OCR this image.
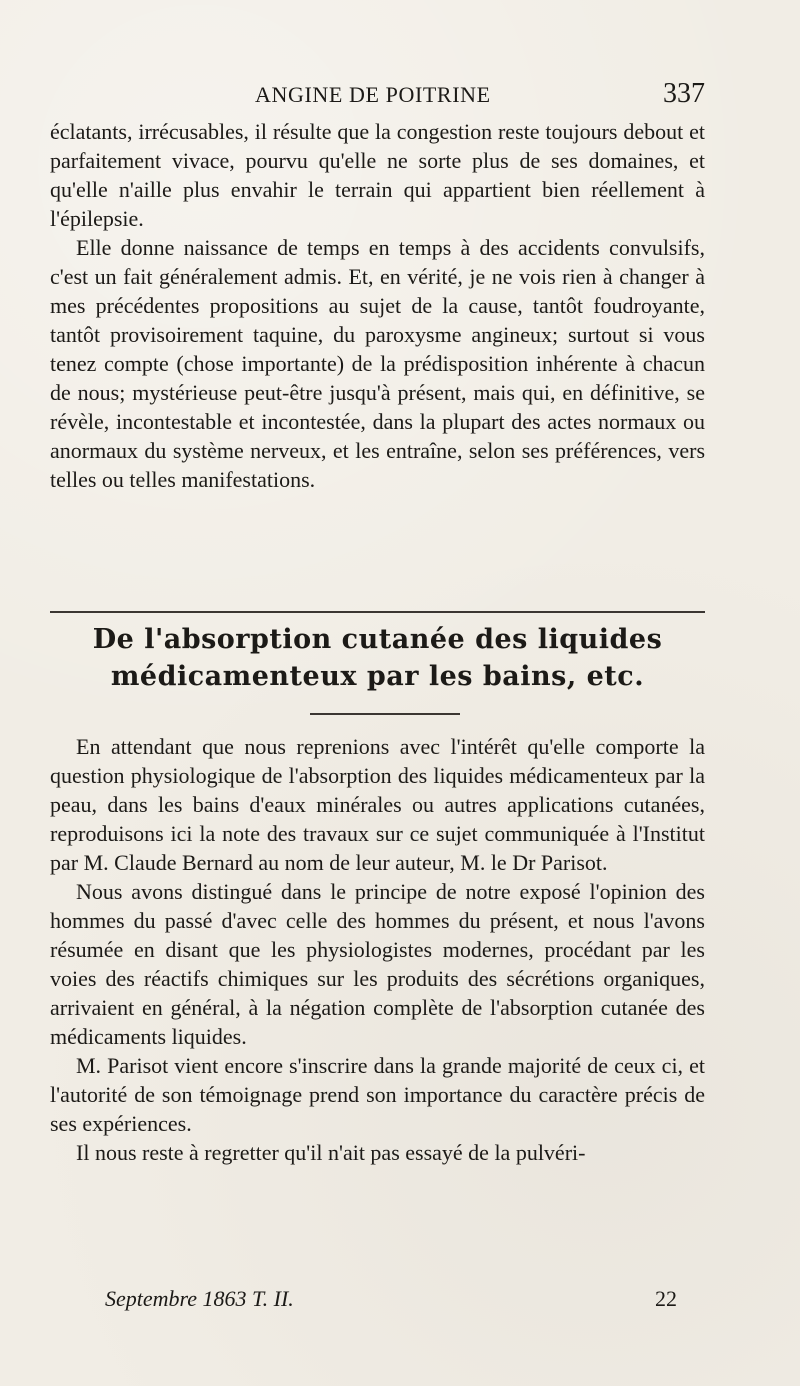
ANGINE DE POITRINE	337

éclatants, irrécusables, il résulte que la congestion reste toujours debout et parfaitement vivace, pourvu qu'elle ne sorte plus de ses domaines, et qu'elle n'aille plus envahir le terrain qui appartient bien réellement à l'épilepsie.

Elle donne naissance de temps en temps à des accidents convulsifs, c'est un fait généralement admis. Et, en vérité, je ne vois rien à changer à mes précédentes propositions au sujet de la cause, tantôt foudroyante, tantôt provisoirement taquine, du paroxysme angineux; surtout si vous tenez compte (chose importante) de la prédisposition inhérente à chacun de nous; mystérieuse peut-être jusqu'à présent, mais qui, en définitive, se révèle, incontestable et incontestée, dans la plupart des actes normaux ou anormaux du système nerveux, et les entraîne, selon ses préférences, vers telles ou telles manifestations.

De l'absorption cutanée des liquides médicamenteux par les bains, etc.

En attendant que nous reprenions avec l'intérêt qu'elle comporte la question physiologique de l'absorption des liquides médicamenteux par la peau, dans les bains d'eaux minérales ou autres applications cutanées, reproduisons ici la note des travaux sur ce sujet communiquée à l'Institut par M. Claude Bernard au nom de leur auteur, M. le Dr Parisot.

Nous avons distingué dans le principe de notre exposé l'opinion des hommes du passé d'avec celle des hommes du présent, et nous l'avons résumée en disant que les physiologistes modernes, procédant par les voies des réactifs chimiques sur les produits des sécrétions organiques, arrivaient en général, à la négation complète de l'absorption cutanée des médicaments liquides.

M. Parisot vient encore s'inscrire dans la grande majorité de ceux ci, et l'autorité de son témoignage prend son importance du caractère précis de ses expériences.

Il nous reste à regretter qu'il n'ait pas essayé de la pulvéri-

Septembre 1863 T. II.	22
